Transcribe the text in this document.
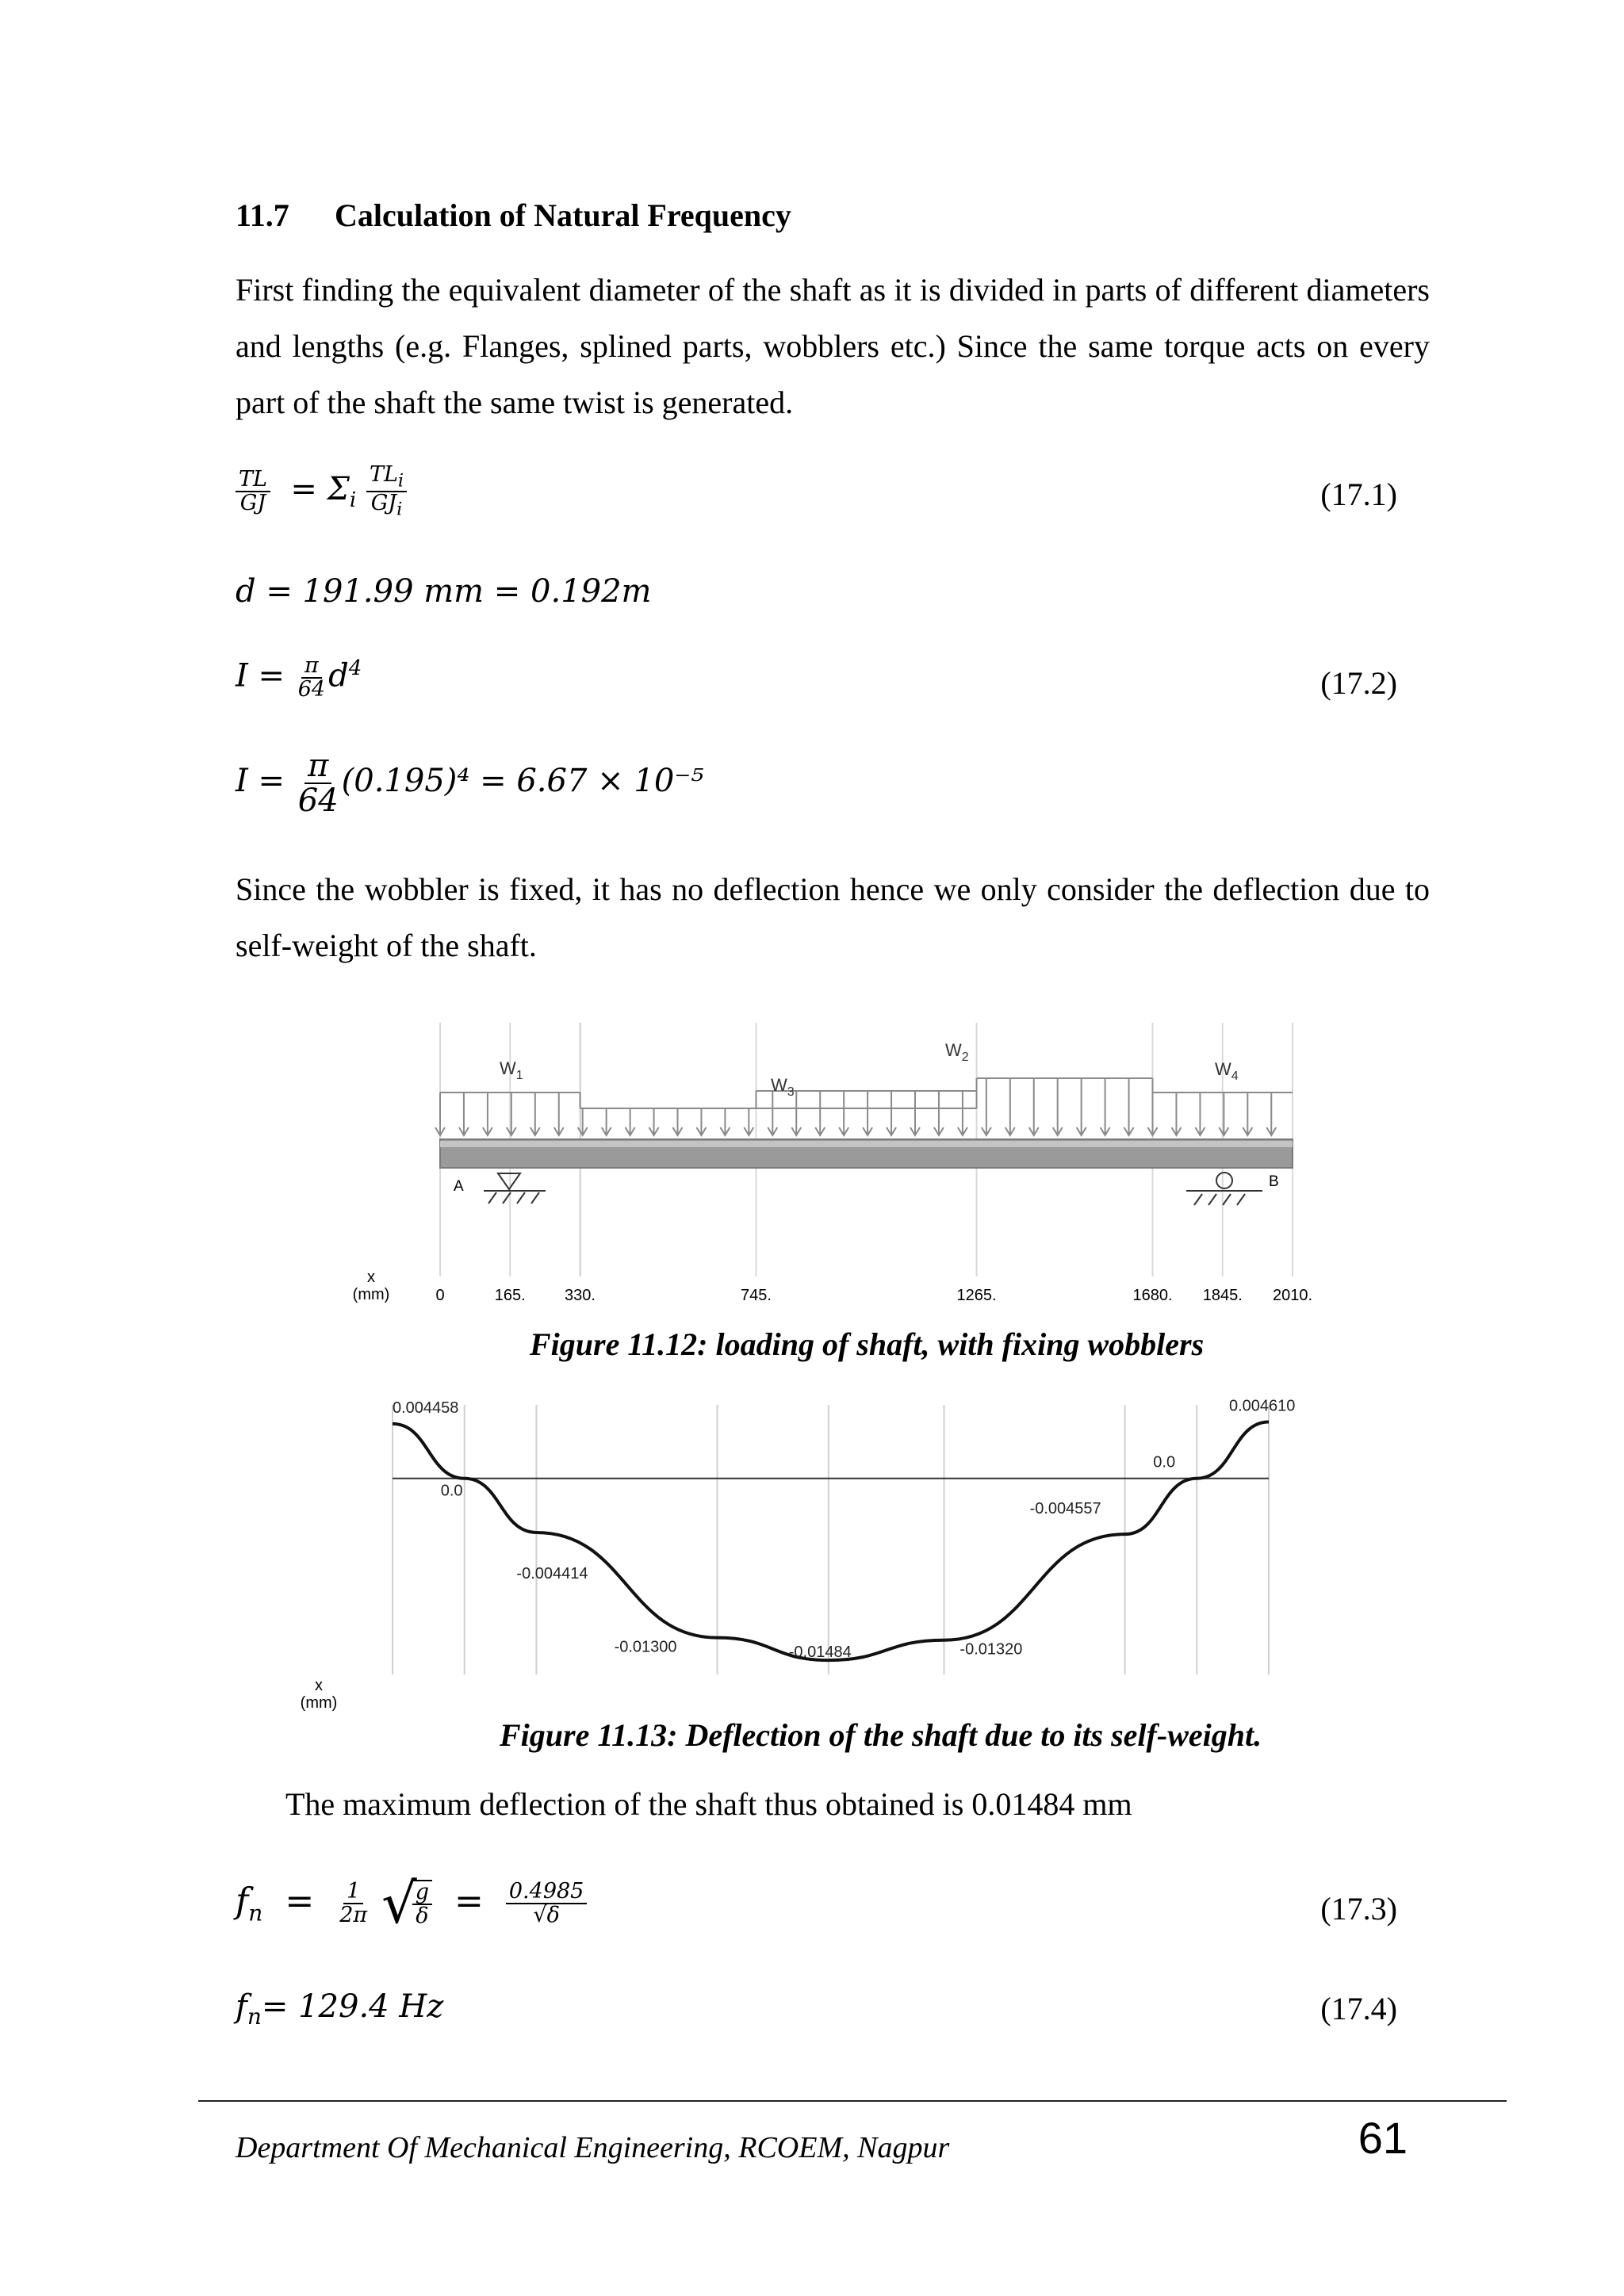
11.7 Calculation of Natural Frequency
First finding the equivalent diameter of the shaft as it is divided in parts of different diameters and lengths (e.g. Flanges, splined parts, wobblers etc.) Since the same torque acts on every part of the shaft the same twist is generated.
$\frac{TL}{GJ} = \Sigma_i \frac{TL_i}{GJ_i}$	(17.1)
d = 191.99 mm = 0.192m
$I = \frac{\pi}{64} d^4$	(17.2)
$I = \frac{\pi}{64} (0.195)^4 = 6.67 \times 10^{-5}$
Since the wobbler is fixed, it has no deflection hence we only consider the deflection due to self-weight of the shaft.
A	B
$W_1$
$W_2$
$W_3$
$W_4$
x
(mm)	0	165. 330.	745.	1265.	1680. 1845. 2010.
Figure 11.12: loading of shaft, with fixing wobblers
0.004458
0.0
-0.004414
-0.01300	-0.01484	-0.01320
-0.004557
0.0
0.004610
x
(mm)
Figure 11.13: Deflection of the shaft due to its self-weight.
The maximum deflection of the shaft thus obtained is 0.01484 mm
$f_n = \frac{1}{2\pi}$ √
$\frac{g}{\delta} = \frac{0.4985}{√\delta}$	(17.3)
$f_n= 129.4$ Hz	(17.4)
Department Of Mechanical Engineering, RCOEM, Nagpur	61
